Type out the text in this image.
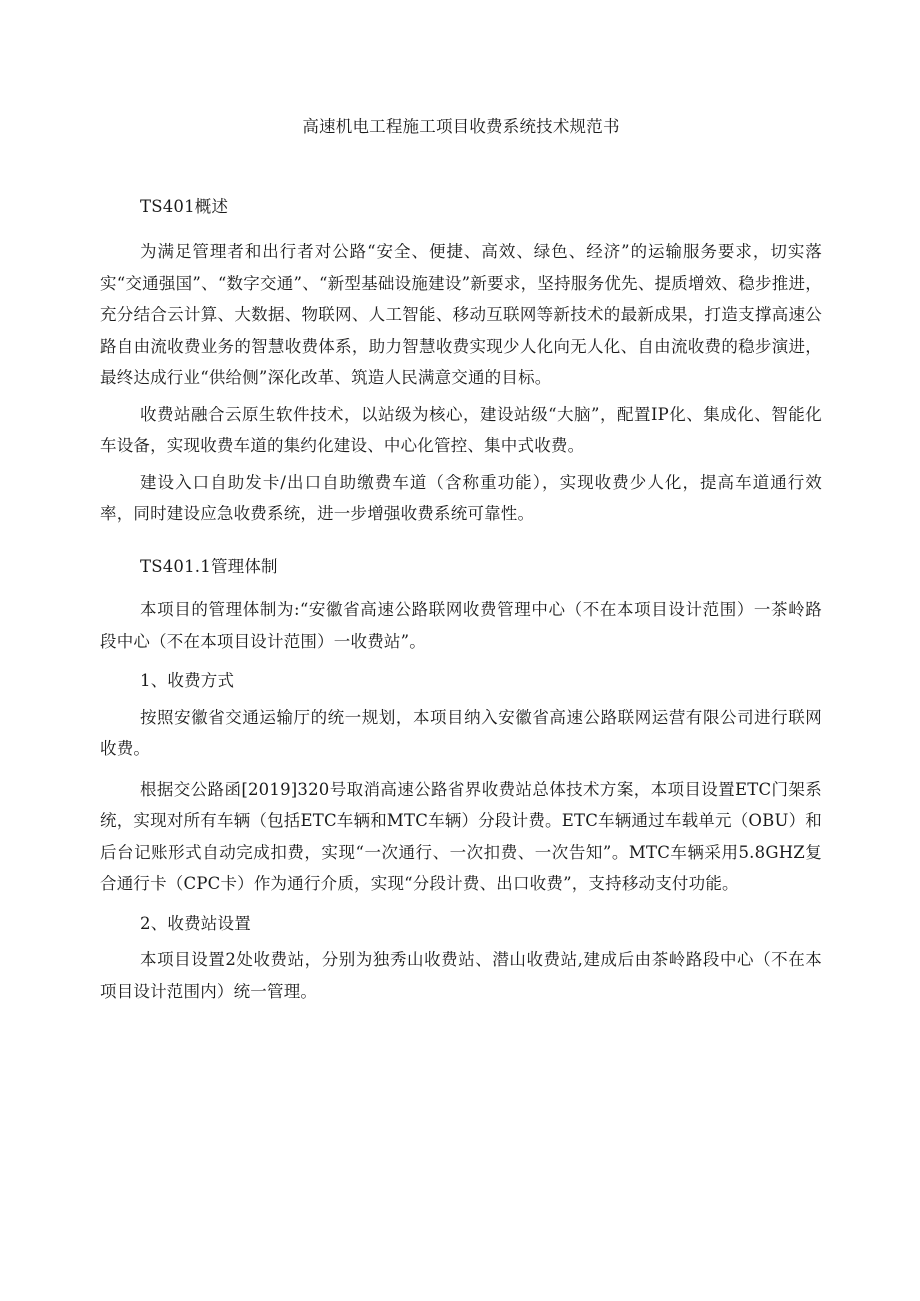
高速机电工程施工项目收费系统技术规范书
TS401概述

为满足管理者和出行者对公路“安全、便捷、高效、绿色、经济”的运输服务要求，切实落实“交通强国”、“数字交通”、“新型基础设施建设”新要求，坚持服务优先、提质增效、稳步推进，充分结合云计算、大数据、物联网、人工智能、移动互联网等新技术的最新成果，打造支撑高速公路自由流收费业务的智慧收费体系，助力智慧收费实现少人化向无人化、自由流收费的稳步演进，最终达成行业“供给侧”深化改革、筑造人民满意交通的目标。

收费站融合云原生软件技术，以站级为核心，建设站级“大脑”，配置IP化、集成化、智能化车设备，实现收费车道的集约化建设、中心化管控、集中式收费。

建设入口自助发卡/出口自助缴费车道（含称重功能），实现收费少人化，提高车道通行效率，同时建设应急收费系统，进一步增强收费系统可靠性。

TS401.1管理体制

本项目的管理体制为:“安徽省高速公路联网收费管理中心（不在本项目设计范围）一茶岭路段中心（不在本项目设计范围）一收费站”。

1、收费方式

按照安徽省交通运输厅的统一规划，本项目纳入安徽省高速公路联网运营有限公司进行联网收费。

根据交公路函[2019]320号取消高速公路省界收费站总体技术方案，本项目设置ETC门架系统，实现对所有车辆（包括ETC车辆和MTC车辆）分段计费。ETC车辆通过车载单元（OBU）和后台记账形式自动完成扣费，实现“一次通行、一次扣费、一次告知”。MTC车辆采用5.8GHZ复合通行卡（CPC卡）作为通行介质，实现“分段计费、出口收费”，支持移动支付功能。

2、收费站设置

本项目设置2处收费站，分别为独秀山收费站、潜山收费站,建成后由茶岭路段中心（不在本项目设计范围内）统一管理。
